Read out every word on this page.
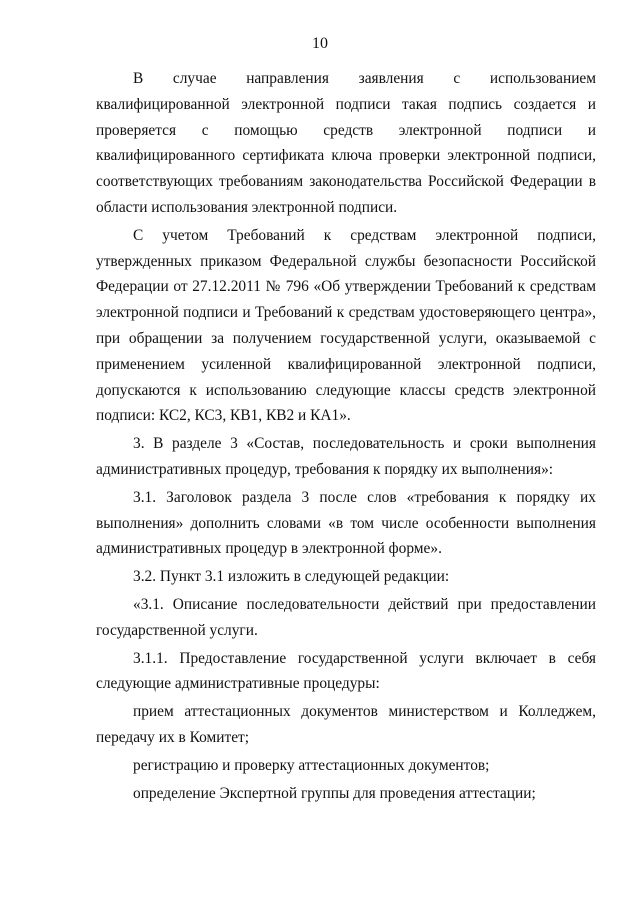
10

В случае направления заявления с использованием квалифицированной электронной подписи такая подпись создается и проверяется с помощью средств электронной подписи и квалифицированного сертификата ключа проверки электронной подписи, соответствующих требованиям законодательства Российской Федерации в области использования электронной подписи.

С учетом Требований к средствам электронной подписи, утвержденных приказом Федеральной службы безопасности Российской Федерации от 27.12.2011 № 796 «Об утверждении Требований к средствам электронной подписи и Требований к средствам удостоверяющего центра», при обращении за получением государственной услуги, оказываемой с применением усиленной квалифицированной электронной подписи, допускаются к использованию следующие классы средств электронной подписи: КС2, КС3, КВ1, КВ2 и КА1».

3. В разделе 3 «Состав, последовательность и сроки выполнения административных процедур, требования к порядку их выполнения»:

3.1. Заголовок раздела 3 после слов «требования к порядку их выполнения» дополнить словами «в том числе особенности выполнения административных процедур в электронной форме».

3.2. Пункт 3.1 изложить в следующей редакции:

«3.1. Описание последовательности действий при предоставлении государственной услуги.

3.1.1. Предоставление государственной услуги включает в себя следующие административные процедуры:

прием аттестационных документов министерством и Колледжем, передачу их в Комитет;

регистрацию и проверку аттестационных документов;

определение Экспертной группы для проведения аттестации;
